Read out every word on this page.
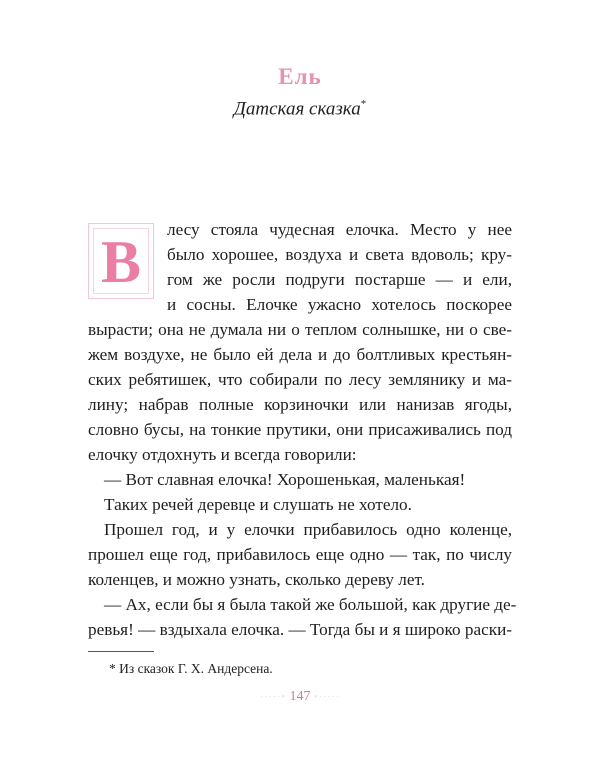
Ель
Датская сказка*
В	лесу стояла чудесная елочка. Место у нее
было хорошее, воздуха и света вдоволь; кру-
гом же росли подруги постарше — и ели,
и сосны. Елочке ужасно хотелось поскорее
вырасти; она не думала ни о теплом солнышке, ни о све-
жем воздухе, не было ей дела и до болтливых крестьян-
ских ребятишек, что собирали по лесу землянику и ма-
лину; набрав полные корзиночки или нанизав ягоды,
словно бусы, на тонкие прутики, они присаживались под
елочку отдохнуть и всегда говорили:
— Вот славная елочка! Хорошенькая, маленькая!
Таких речей деревце и слушать не хотело.
Прошел год, и у елочки прибавилось одно коленце,
прошел еще год, прибавилось еще одно — так, по числу
коленцев, и можно узнать, сколько дереву лет.
— Ах, если бы я была такой же большой, как другие де-
ревья! — вздыхала елочка. — Тогда бы и я широко раски-
* Из сказок Г. Х. Андерсена.
·····• 147 •·····
